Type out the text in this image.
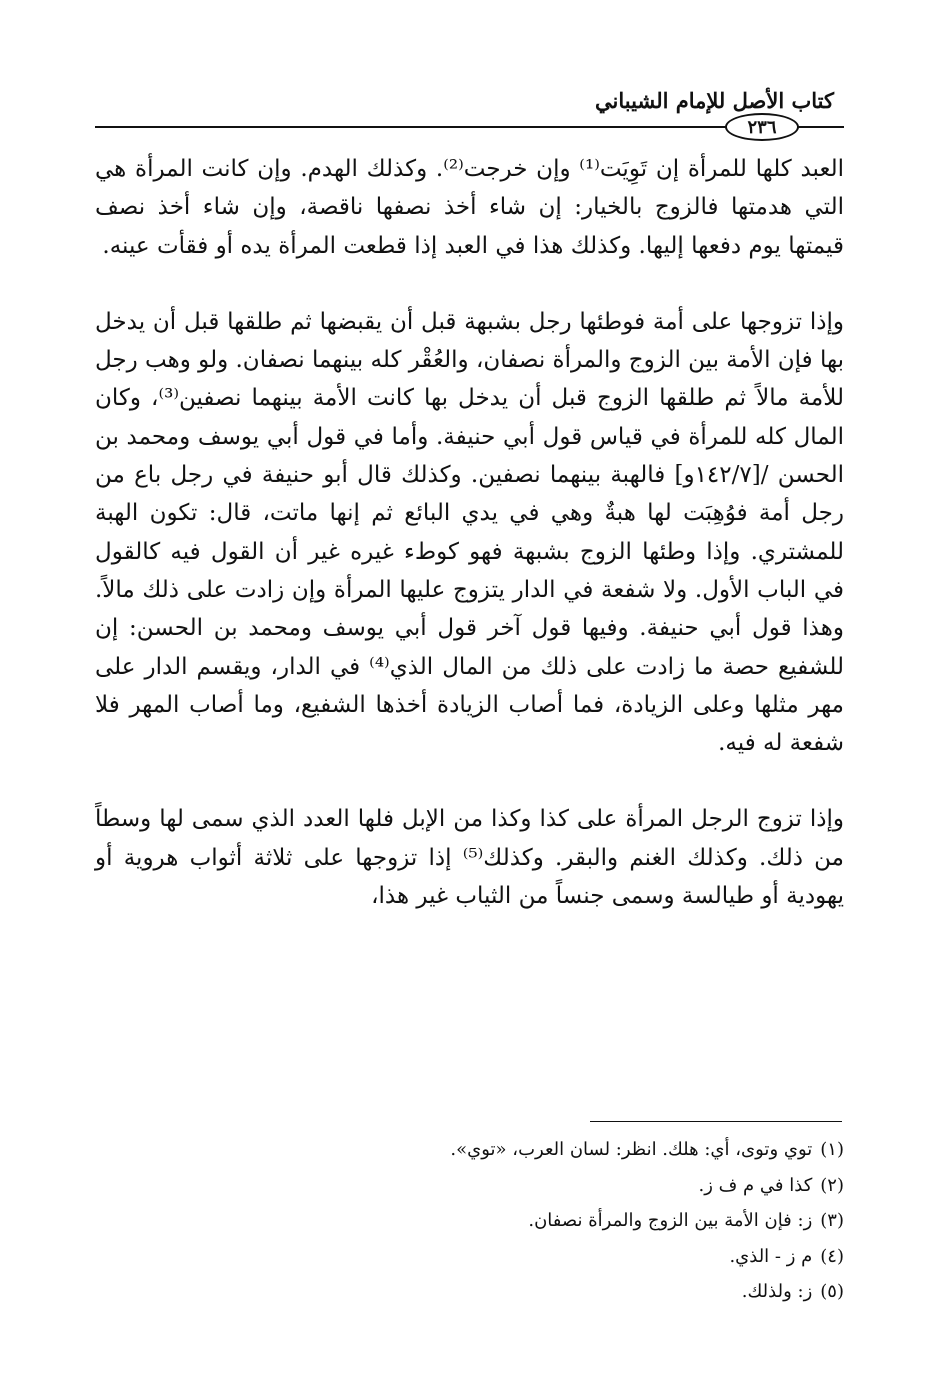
كتاب الأصل للإمام الشيباني
٢٣٦

العبد كلها للمرأة إن تَوِيَت⁽¹⁾ وإن خرجت⁽²⁾. وكذلك الهدم. وإن كانت المرأة هي التي هدمتها فالزوج بالخيار: إن شاء أخذ نصفها ناقصة، وإن شاء أخذ نصف قيمتها يوم دفعها إليها. وكذلك هذا في العبد إذا قطعت المرأة يده أو فقأت عينه.

وإذا تزوجها على أمة فوطئها رجل بشبهة قبل أن يقبضها ثم طلقها قبل أن يدخل بها فإن الأمة بين الزوج والمرأة نصفان، والعُقْر كله بينهما نصفان. ولو وهب رجل للأمة مالاً ثم طلقها الزوج قبل أن يدخل بها كانت الأمة بينهما نصفين⁽³⁾، وكان المال كله للمرأة في قياس قول أبي حنيفة. وأما في قول أبي يوسف ومحمد بن الحسن /[١٤٢/٧و] فالهبة بينهما نصفين. وكذلك قال أبو حنيفة في رجل باع من رجل أمة فوُهِبَت لها هبةٌ وهي في يدي البائع ثم إنها ماتت، قال: تكون الهبة للمشتري. وإذا وطئها الزوج بشبهة فهو كوطء غيره غير أن القول فيه كالقول في الباب الأول. ولا شفعة في الدار يتزوج عليها المرأة وإن زادت على ذلك مالاً. وهذا قول أبي حنيفة. وفيها قول آخر قول أبي يوسف ومحمد بن الحسن: إن للشفيع حصة ما زادت على ذلك من المال الذي⁽⁴⁾ في الدار، ويقسم الدار على مهر مثلها وعلى الزيادة، فما أصاب الزيادة أخذها الشفيع، وما أصاب المهر فلا شفعة له فيه.

وإذا تزوج الرجل المرأة على كذا وكذا من الإبل فلها العدد الذي سمى لها وسطاً من ذلك. وكذلك الغنم والبقر. وكذلك⁽⁵⁾ إذا تزوجها على ثلاثة أثواب هروية أو يهودية أو طيالسة وسمى جنساً من الثياب غير هذا،

(١)توي وتوى، أي: هلك. انظر: لسان العرب، «توي».
(٢)كذا في م ف ز.
(٣)ز: فإن الأمة بين الزوج والمرأة نصفان.
(٤)م ز - الذي.
(٥)ز: ولذلك.
